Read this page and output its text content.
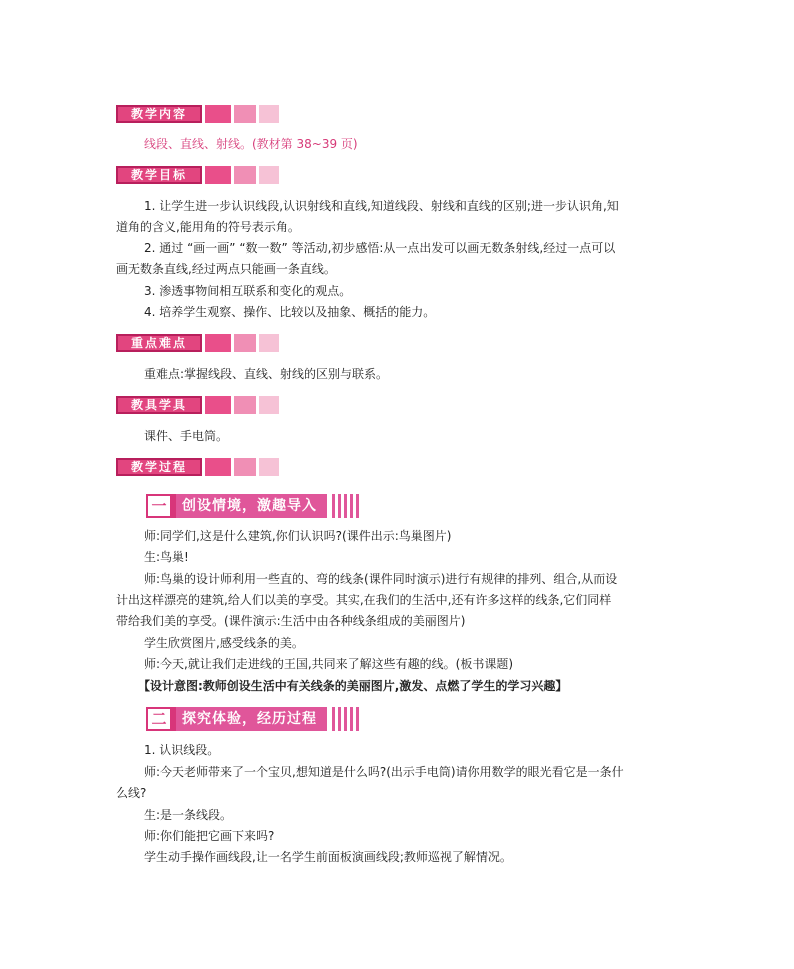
教学内容
线段、直线、射线。(教材第 38~39 页)
教学目标
1. 让学生进一步认识线段,认识射线和直线,知道线段、射线和直线的区别;进一步认识角,知
道角的含义,能用角的符号表示角。
2. 通过 “画一画” “数一数” 等活动,初步感悟:从一点出发可以画无数条射线,经过一点可以
画无数条直线,经过两点只能画一条直线。
3. 渗透事物间相互联系和变化的观点。
4. 培养学生观察、操作、比较以及抽象、概括的能力。
重点难点
重难点:掌握线段、直线、射线的区别与联系。
教具学具
课件、手电筒。
教学过程
一	创设情境，激趣导入
师:同学们,这是什么建筑,你们认识吗?(课件出示:鸟巢图片)
生:鸟巢!
师:鸟巢的设计师利用一些直的、弯的线条(课件同时演示)进行有规律的排列、组合,从而设
计出这样漂亮的建筑,给人们以美的享受。其实,在我们的生活中,还有许多这样的线条,它们同样
带给我们美的享受。(课件演示:生活中由各种线条组成的美丽图片)
学生欣赏图片,感受线条的美。
师:今天,就让我们走进线的王国,共同来了解这些有趣的线。(板书课题)
【设计意图:教师创设生活中有关线条的美丽图片,激发、点燃了学生的学习兴趣】
二	探究体验，经历过程
1. 认识线段。
师:今天老师带来了一个宝贝,想知道是什么吗?(出示手电筒)请你用数学的眼光看它是一条什
么线?
生:是一条线段。
师:你们能把它画下来吗?
学生动手操作画线段,让一名学生前面板演画线段;教师巡视了解情况。
